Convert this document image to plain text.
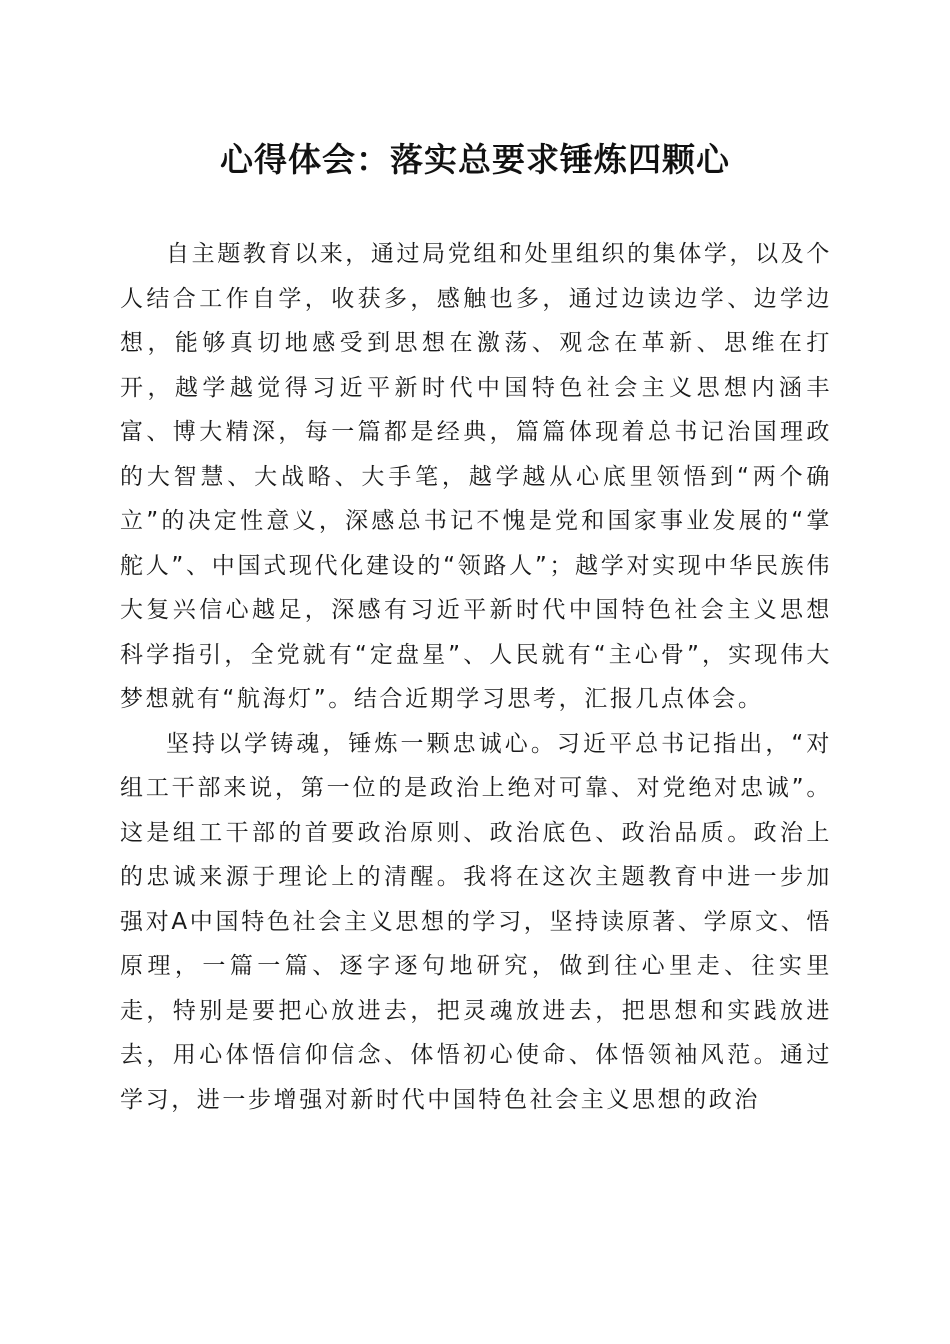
心得体会：落实总要求锤炼四颗心

自主题教育以来，通过局党组和处里组织的集体学，以及个人结合工作自学，收获多，感触也多，通过边读边学、边学边想，能够真切地感受到思想在激荡、观念在革新、思维在打开，越学越觉得习近平新时代中国特色社会主义思想内涵丰富、博大精深，每一篇都是经典，篇篇体现着总书记治国理政的大智慧、大战略、大手笔，越学越从心底里领悟到“两个确立”的决定性意义，深感总书记不愧是党和国家事业发展的“掌舵人”、中国式现代化建设的“领路人”；越学对实现中华民族伟大复兴信心越足，深感有习近平新时代中国特色社会主义思想科学指引，全党就有“定盘星”、人民就有“主心骨”，实现伟大梦想就有“航海灯”。结合近期学习思考，汇报几点体会。

坚持以学铸魂，锤炼一颗忠诚心。习近平总书记指出，“对组工干部来说，第一位的是政治上绝对可靠、对党绝对忠诚”。这是组工干部的首要政治原则、政治底色、政治品质。政治上的忠诚来源于理论上的清醒。我将在这次主题教育中进一步加强对A中国特色社会主义思想的学习，坚持读原著、学原文、悟原理，一篇一篇、逐字逐句地研究，做到往心里走、往实里走，特别是要把心放进去，把灵魂放进去，把思想和实践放进去，用心体悟信仰信念、体悟初心使命、体悟领袖风范。通过学习，进一步增强对新时代中国特色社会主义思想的政治
